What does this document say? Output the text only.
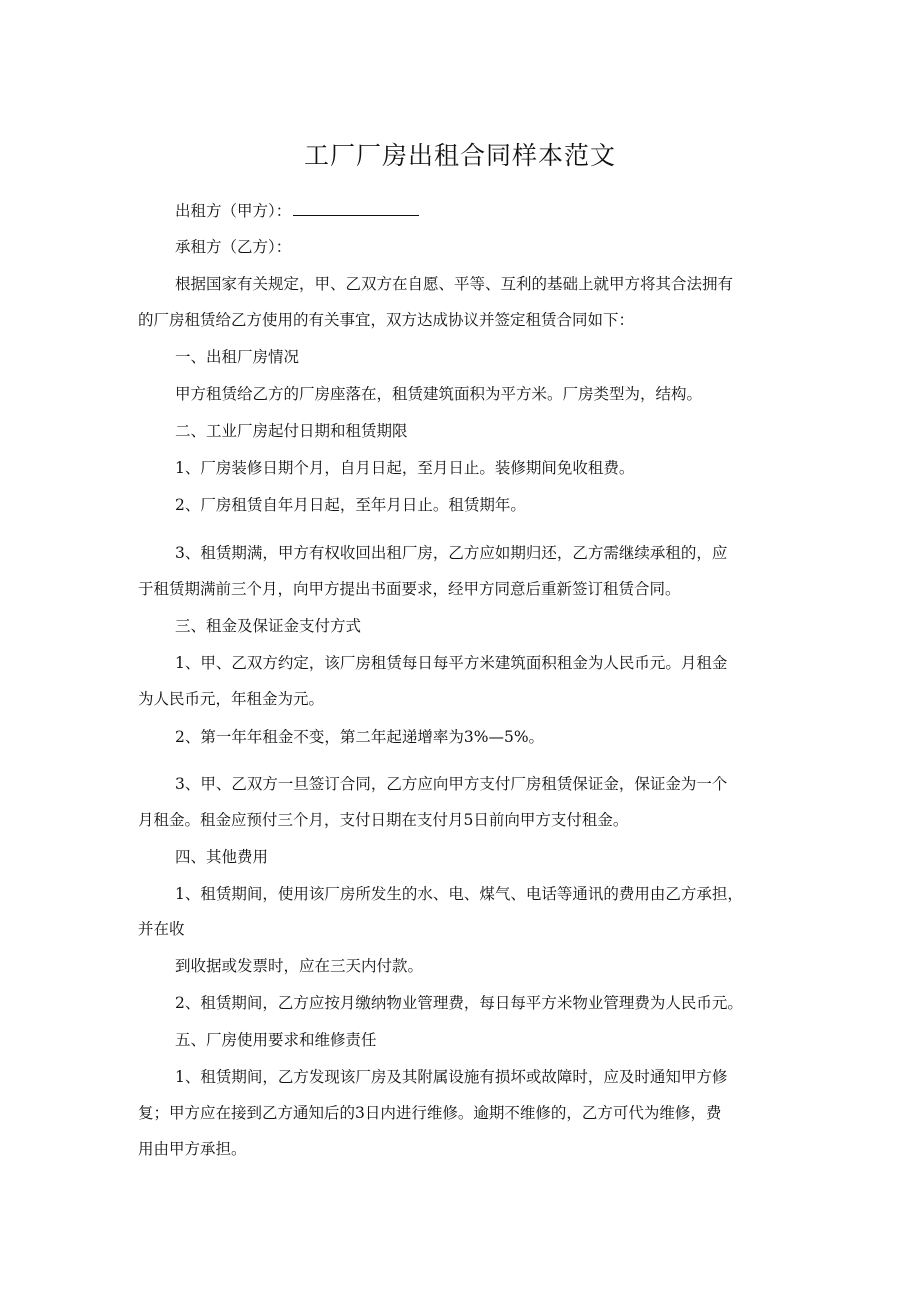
工厂厂房出租合同样本范文
出租方（甲方）：
承租方（乙方）：
根据国家有关规定，甲、乙双方在自愿、平等、互利的基础上就甲方将其合法拥有
的厂房租赁给乙方使用的有关事宜，双方达成协议并签定租赁合同如下：
一、出租厂房情况
甲方租赁给乙方的厂房座落在，租赁建筑面积为平方米。厂房类型为，结构。
二、工业厂房起付日期和租赁期限
1、厂房装修日期个月，自月日起，至月日止。装修期间免收租费。
2、厂房租赁自年月日起，至年月日止。租赁期年。
3、租赁期满，甲方有权收回出租厂房，乙方应如期归还，乙方需继续承租的，应
于租赁期满前三个月，向甲方提出书面要求，经甲方同意后重新签订租赁合同。
三、租金及保证金支付方式
1、甲、乙双方约定，该厂房租赁每日每平方米建筑面积租金为人民币元。月租金
为人民币元，年租金为元。
2、第一年年租金不变，第二年起递增率为3%—5%。
3、甲、乙双方一旦签订合同，乙方应向甲方支付厂房租赁保证金，保证金为一个
月租金。租金应预付三个月，支付日期在支付月5日前向甲方支付租金。
四、其他费用
1、租赁期间，使用该厂房所发生的水、电、煤气、电话等通讯的费用由乙方承担，
并在收
到收据或发票时，应在三天内付款。
2、租赁期间，乙方应按月缴纳物业管理费，每日每平方米物业管理费为人民币元。
五、厂房使用要求和维修责任
1、租赁期间，乙方发现该厂房及其附属设施有损坏或故障时，应及时通知甲方修
复；甲方应在接到乙方通知后的3日内进行维修。逾期不维修的，乙方可代为维修，费
用由甲方承担。
